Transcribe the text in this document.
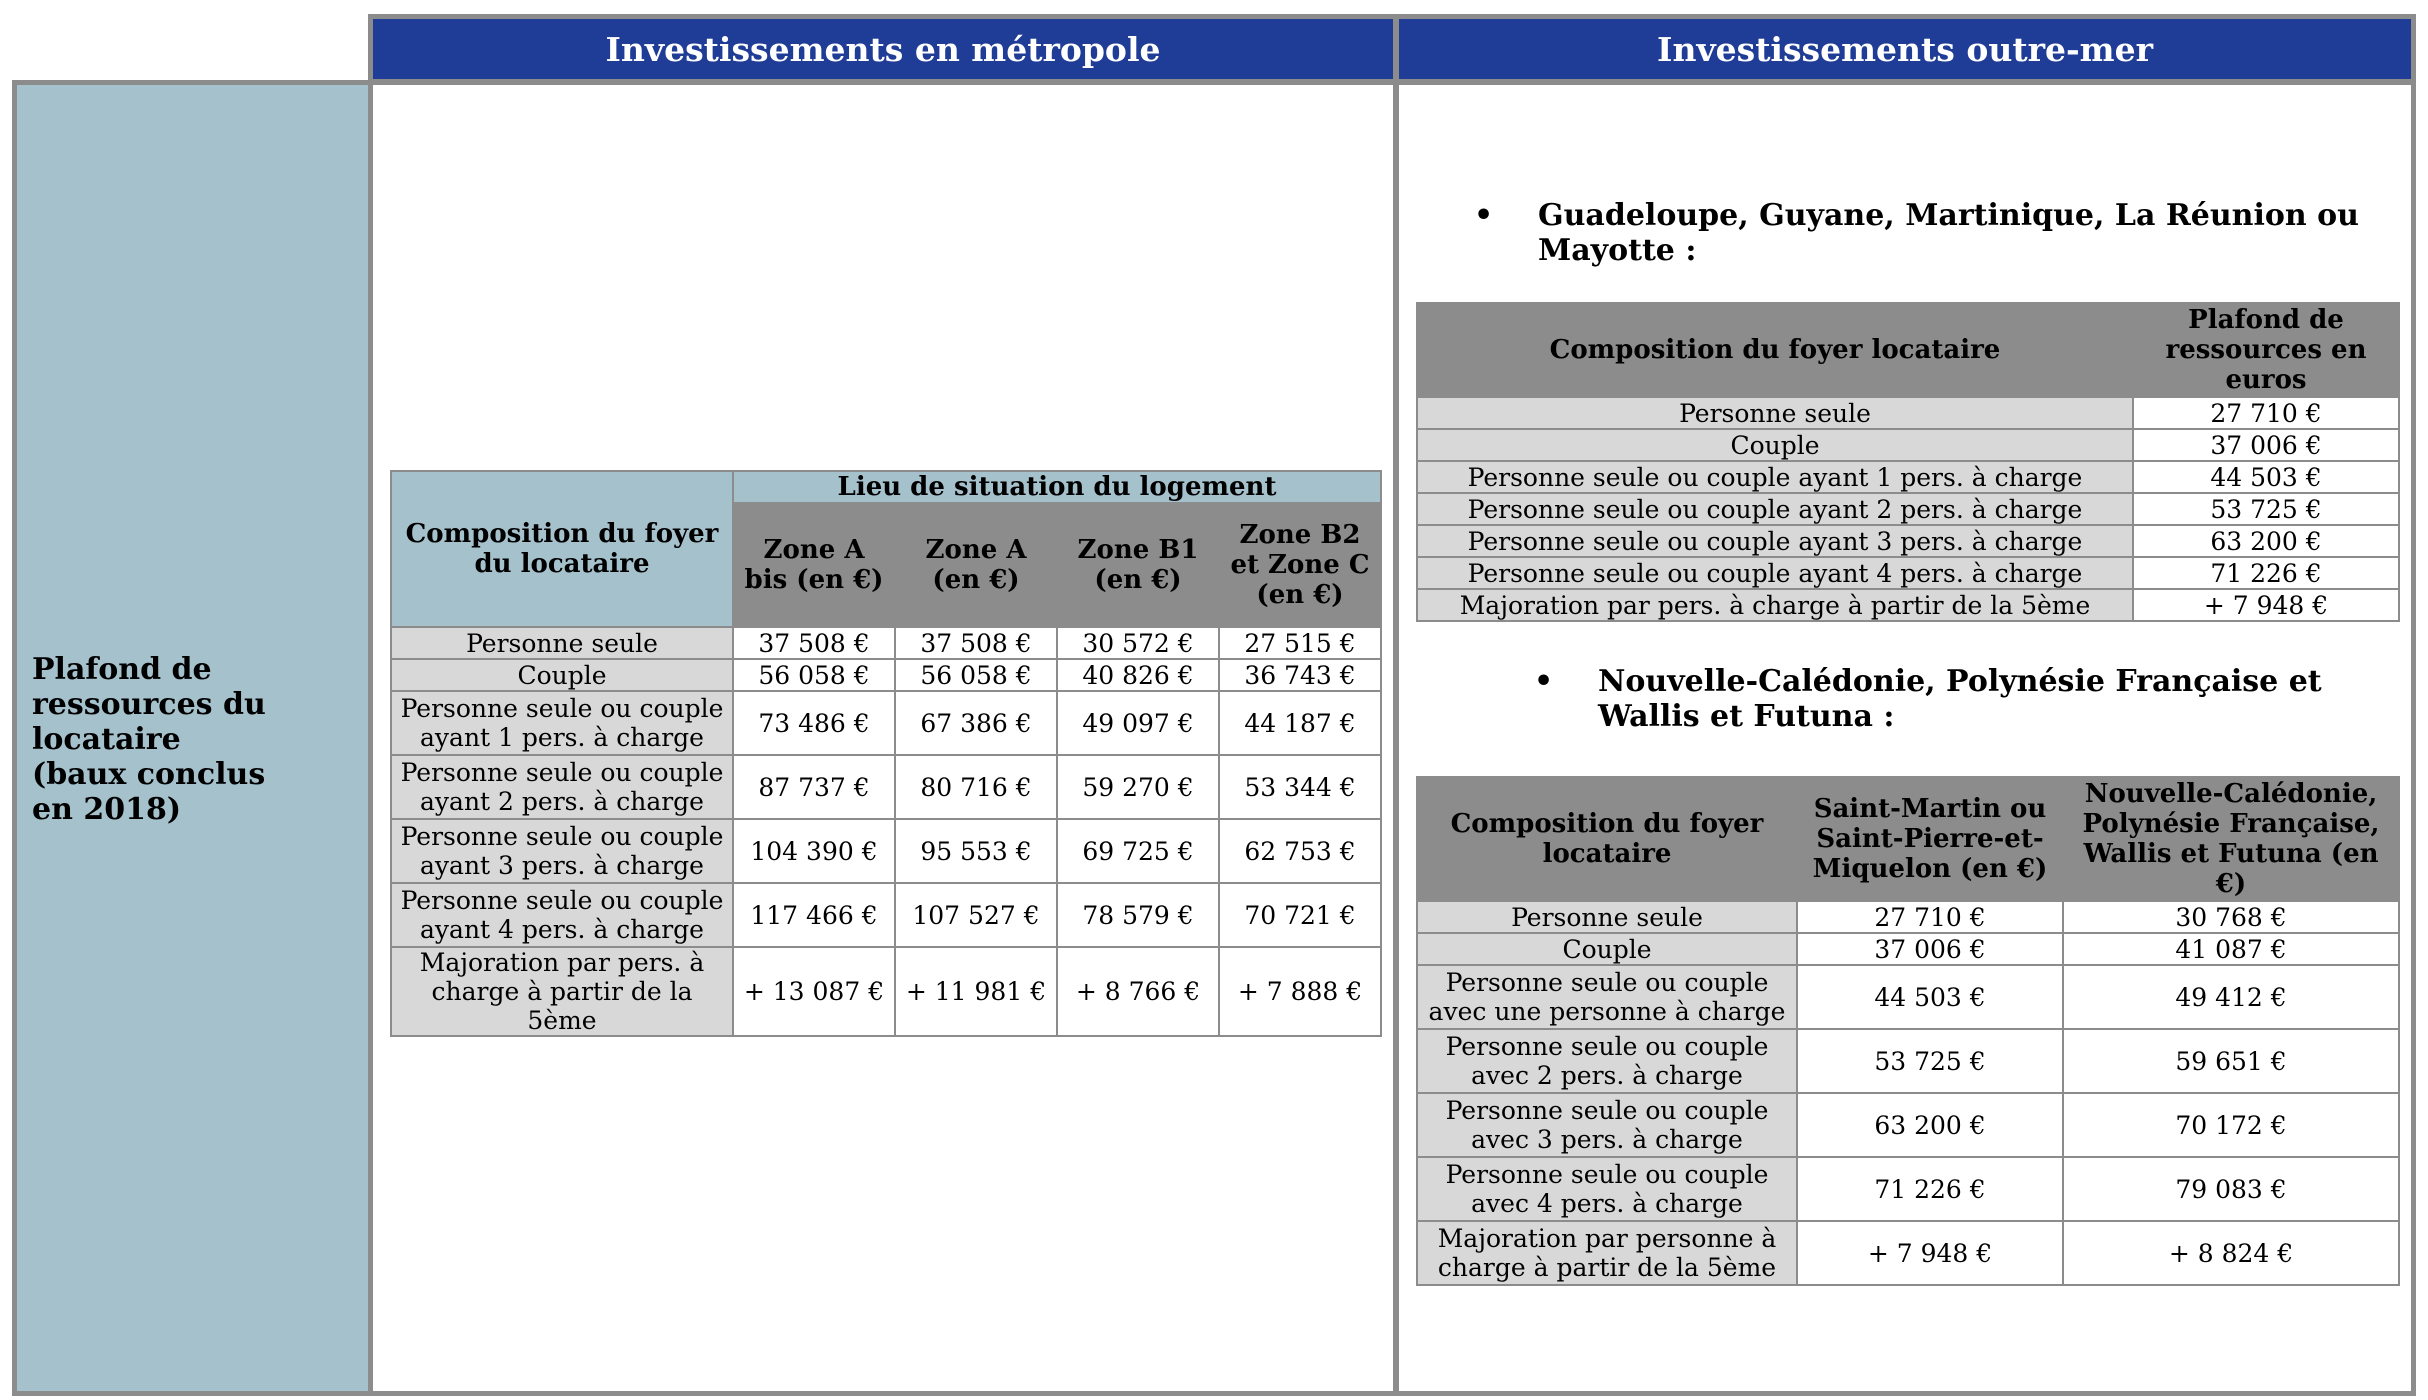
Investissements en métropole	Investissements outre-mer
Plafond de
ressources du
locataire
(baux conclus
en 2018)
Composition du foyer du locataire	Lieu de situation du logement			
	Zone A bis (en €)	Zone A (en €)	Zone B1 (en €)	Zone B2 et Zone C (en €)
Personne seule	37 508 €	37 508 €	30 572 €	27 515 €
Couple	56 058 €	56 058 €	40 826 €	36 743 €
Personne seule ou couple ayant 1 pers. à charge	73 486 €	67 386 €	49 097 €	44 187 €
Personne seule ou couple ayant 2 pers. à charge	87 737 €	80 716 €	59 270 €	53 344 €
Personne seule ou couple ayant 3 pers. à charge	104 390 €	95 553 €	69 725 €	62 753 €
Personne seule ou couple ayant 4 pers. à charge	117 466 €	107 527 €	78 579 €	70 721 €
Majoration par pers. à charge à partir de la 5ème	+ 13 087 €	+ 11 981 €	+ 8 766 €	+ 7 888 €
• Guadeloupe, Guyane, Martinique, La Réunion ou Mayotte :
Composition du foyer locataire	Plafond de ressources en euros
Personne seule	27 710 €
Couple	37 006 €
Personne seule ou couple ayant 1 pers. à charge	44 503 €
Personne seule ou couple ayant 2 pers. à charge	53 725 €
Personne seule ou couple ayant 3 pers. à charge	63 200 €
Personne seule ou couple ayant 4 pers. à charge	71 226 €
Majoration par pers. à charge à partir de la 5ème	+ 7 948 €
• Nouvelle-Calédonie, Polynésie Française et Wallis et Futuna :
Composition du foyer locataire	Saint-Martin ou Saint-Pierre-et-Miquelon (en €)	Nouvelle-Calédonie, Polynésie Française, Wallis et Futuna (en €)
Personne seule	27 710 €	30 768 €
Couple	37 006 €	41 087 €
Personne seule ou couple avec une personne à charge	44 503 €	49 412 €
Personne seule ou couple avec 2 pers. à charge	53 725 €	59 651 €
Personne seule ou couple avec 3 pers. à charge	63 200 €	70 172 €
Personne seule ou couple avec 4 pers. à charge	71 226 €	79 083 €
Majoration par personne à charge à partir de la 5ème	+ 7 948 €	+ 8 824 €
